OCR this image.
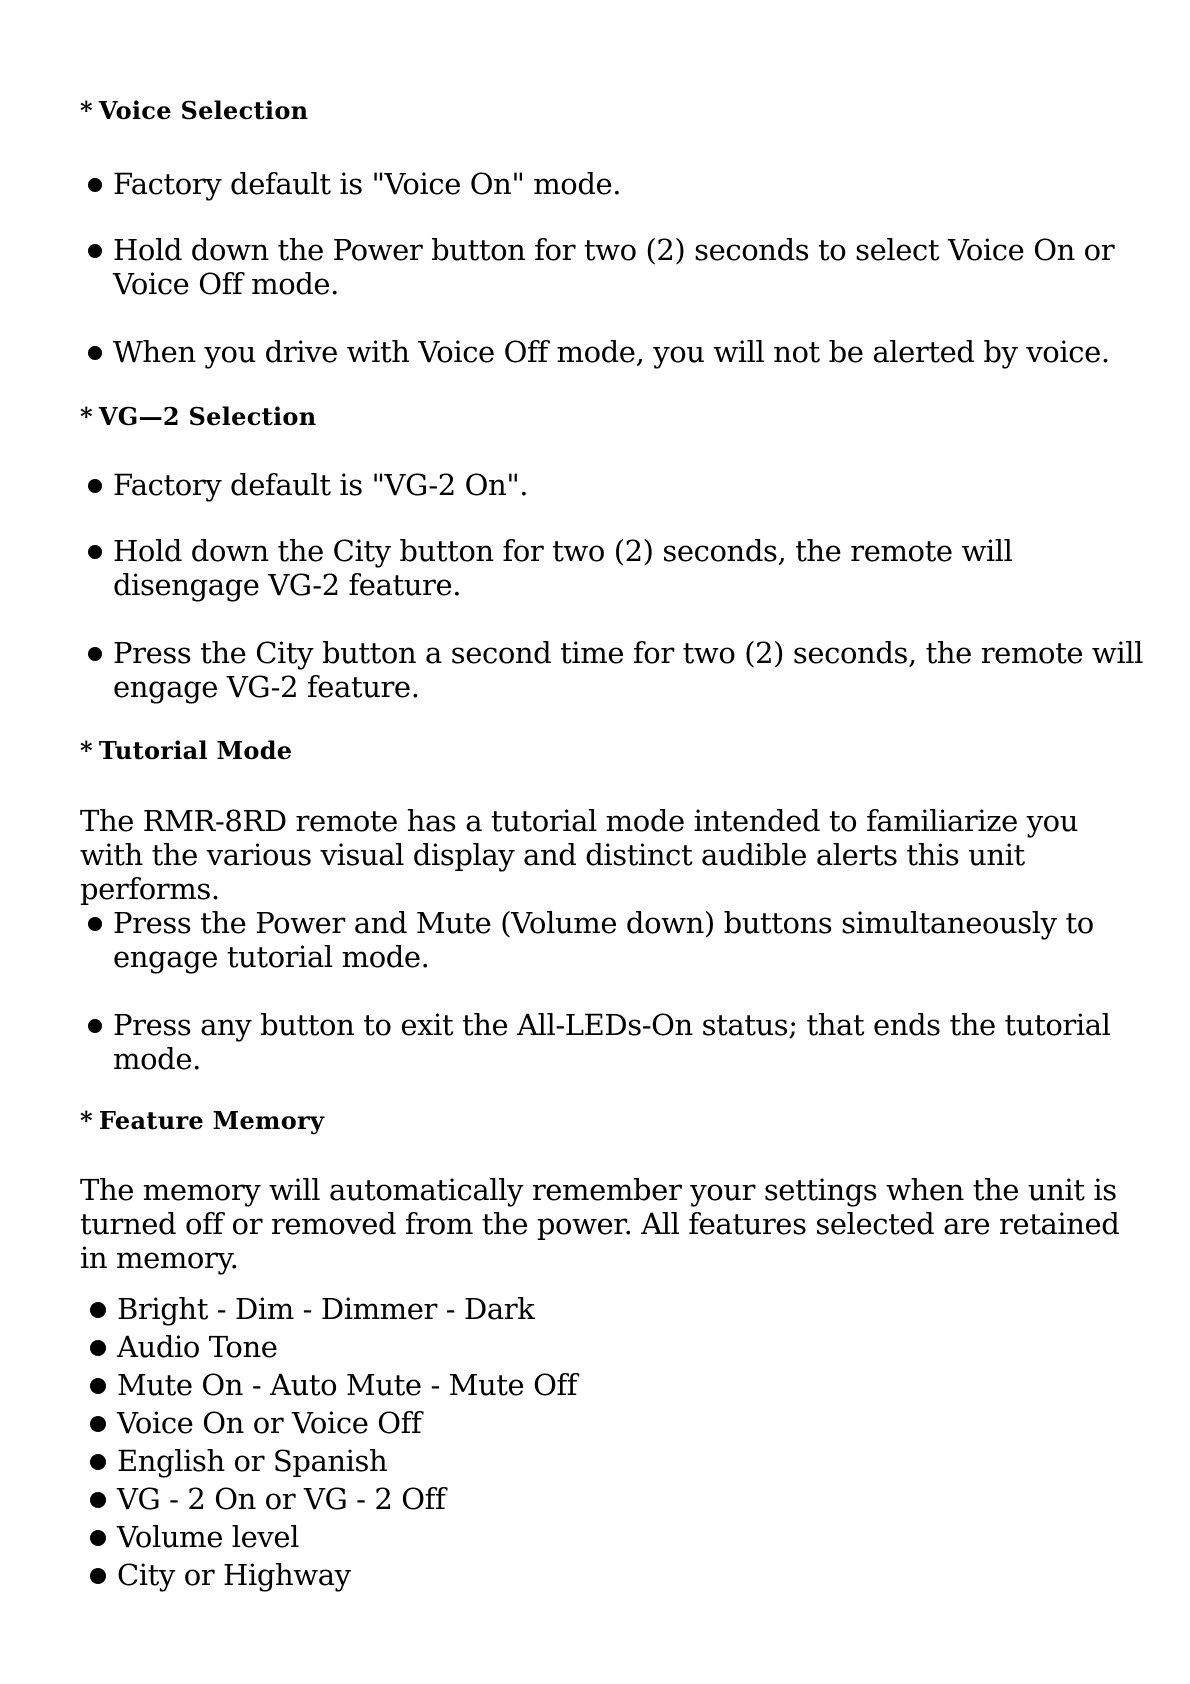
* Voice Selection
Factory default is "Voice On" mode.
Hold down the Power button for two (2) seconds to select Voice On or Voice Off mode.
When you drive with Voice Off mode, you will not be alerted by voice.
* VG—2 Selection
Factory default is "VG-2 On".
Hold down the City button for two (2) seconds, the remote will disengage VG-2 feature.
Press the City button a second time for two (2) seconds, the remote will engage VG-2 feature.
* Tutorial Mode
The RMR-8RD remote has a tutorial mode intended to familiarize you with the various visual display and distinct audible alerts this unit performs.
Press the Power and Mute (Volume down) buttons simultaneously to engage tutorial mode.
Press any button to exit the All-LEDs-On status; that ends the tutorial mode.
* Feature Memory
The memory will automatically remember your settings when the unit is turned off or removed from the power. All features selected are retained in memory.
Bright - Dim - Dimmer - Dark
Audio Tone
Mute On - Auto Mute - Mute Off
Voice On or Voice Off
English or Spanish
VG - 2 On or VG - 2 Off
Volume level
City or Highway
